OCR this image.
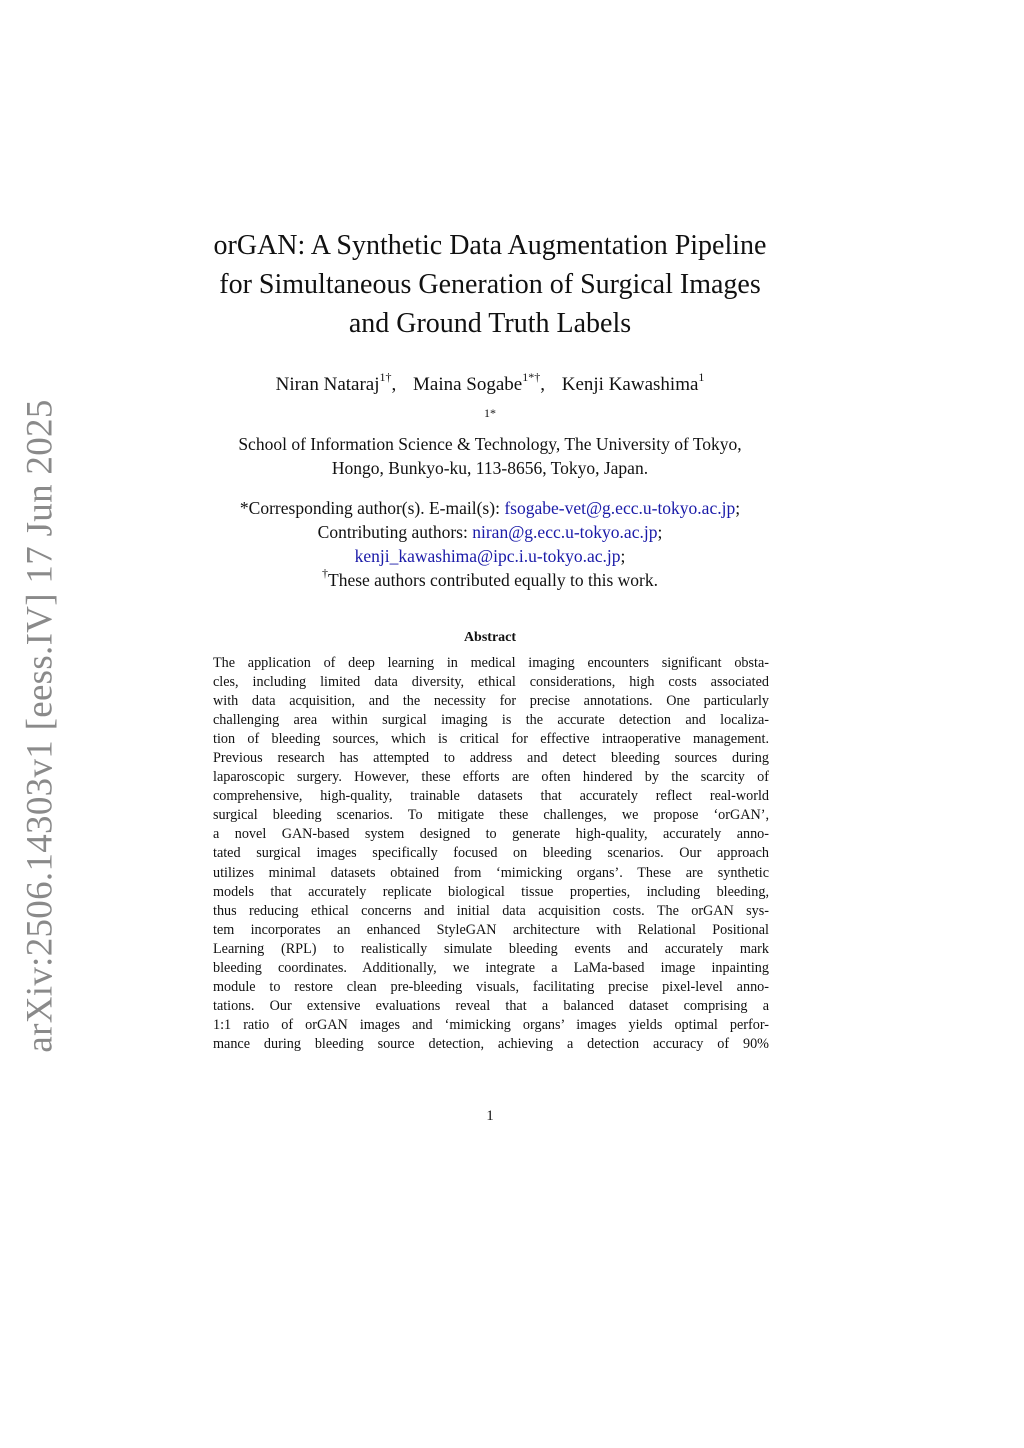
arXiv:2506.14303v1 [eess.IV] 17 Jun 2025
orGAN: A Synthetic Data Augmentation Pipeline
for Simultaneous Generation of Surgical Images
and Ground Truth Labels
Niran Nataraj$^{1\dagger}$, Maina Sogabe$^{1*\dagger}$, Kenji Kawashima$^1$
$^{1*}$
School of Information Science & Technology, The University of Tokyo,
Hongo, Bunkyo-ku, 113-8656, Tokyo, Japan.
*Corresponding author(s). E-mail(s): fsogabe-vet@g.ecc.u-tokyo.ac.jp;
Contributing authors: niran@g.ecc.u-tokyo.ac.jp;
kenji_kawashima@ipc.i.u-tokyo.ac.jp;
†These authors contributed equally to this work.
Abstract
The application of deep learning in medical imaging encounters significant obsta-
cles, including limited data diversity, ethical considerations, high costs associated
with data acquisition, and the necessity for precise annotations. One particularly
challenging area within surgical imaging is the accurate detection and localiza-
tion of bleeding sources, which is critical for effective intraoperative management.
Previous research has attempted to address and detect bleeding sources during
laparoscopic surgery. However, these efforts are often hindered by the scarcity of
comprehensive, high-quality, trainable datasets that accurately reflect real-world
surgical bleeding scenarios. To mitigate these challenges, we propose ‘orGAN’,
a novel GAN-based system designed to generate high-quality, accurately anno-
tated surgical images specifically focused on bleeding scenarios. Our approach
utilizes minimal datasets obtained from ‘mimicking organs’. These are synthetic
models that accurately replicate biological tissue properties, including bleeding,
thus reducing ethical concerns and initial data acquisition costs. The orGAN sys-
tem incorporates an enhanced StyleGAN architecture with Relational Positional
Learning (RPL) to realistically simulate bleeding events and accurately mark
bleeding coordinates. Additionally, we integrate a LaMa-based image inpainting
module to restore clean pre-bleeding visuals, facilitating precise pixel-level anno-
tations. Our extensive evaluations reveal that a balanced dataset comprising a
1:1 ratio of orGAN images and ‘mimicking organs’ images yields optimal perfor-
mance during bleeding source detection, achieving a detection accuracy of 90%
1
